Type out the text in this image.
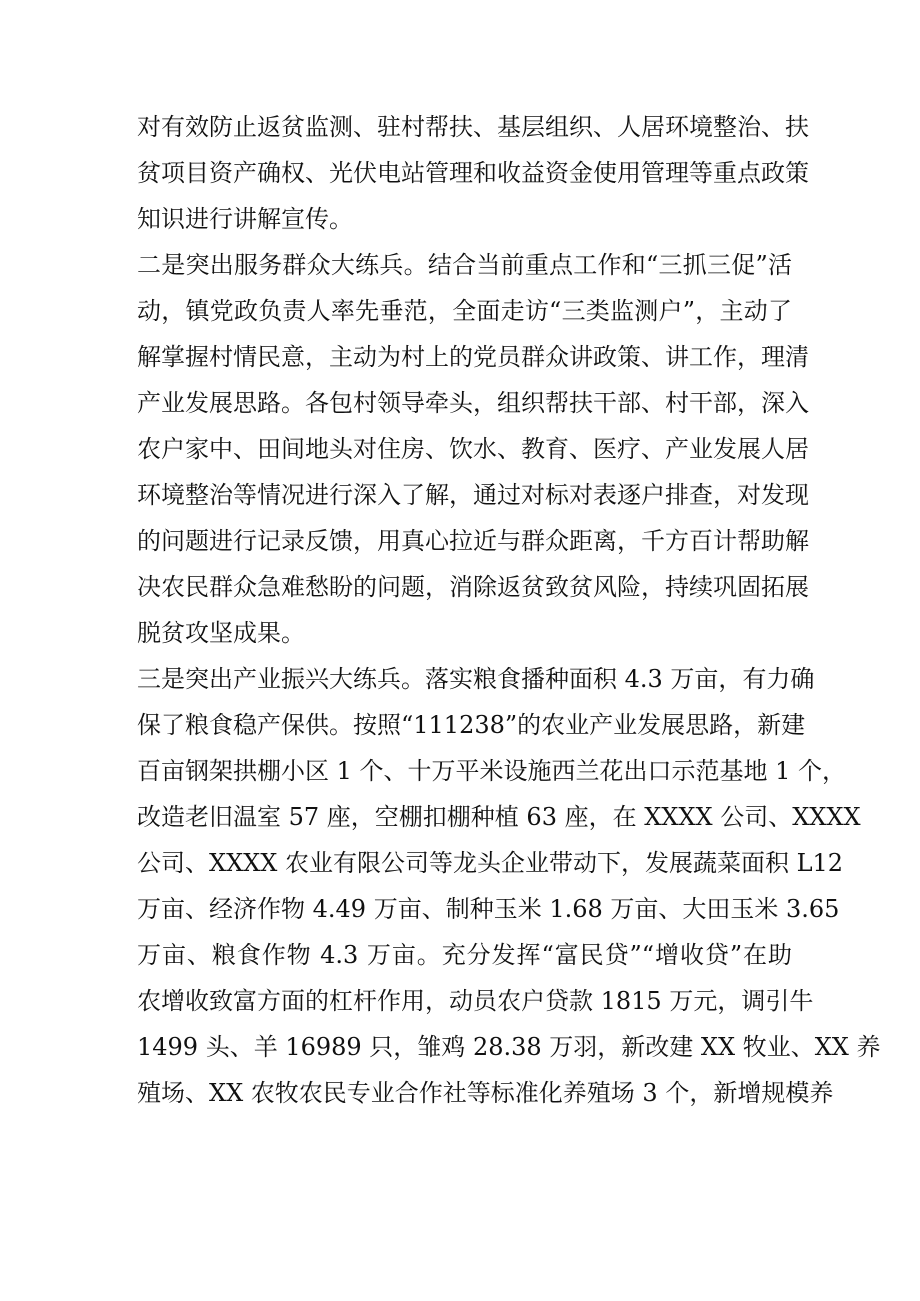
对有效防止返贫监测、驻村帮扶、基层组织、人居环境整治、扶
贫项目资产确权、光伏电站管理和收益资金使用管理等重点政策
知识进行讲解宣传。
二是突出服务群众大练兵。结合当前重点工作和“三抓三促”活
动，镇党政负责人率先垂范，全面走访“三类监测户”，主动了
解掌握村情民意，主动为村上的党员群众讲政策、讲工作，理清
产业发展思路。各包村领导牵头，组织帮扶干部、村干部，深入
农户家中、田间地头对住房、饮水、教育、医疗、产业发展人居
环境整治等情况进行深入了解，通过对标对表逐户排查，对发现
的问题进行记录反馈，用真心拉近与群众距离，千方百计帮助解
决农民群众急难愁盼的问题，消除返贫致贫风险，持续巩固拓展
脱贫攻坚成果。
三是突出产业振兴大练兵。落实粮食播种面积 4.3 万亩，有力确
保了粮食稳产保供。按照“111238”的农业产业发展思路，新建
百亩钢架拱棚小区 1 个、十万平米设施西兰花出口示范基地 1 个，
改造老旧温室 57 座，空棚扣棚种植 63 座，在 XXXX 公司、XXXX
公司、XXXX 农业有限公司等龙头企业带动下，发展蔬菜面积 L12
万亩、经济作物 4.49 万亩、制种玉米 1.68 万亩、大田玉米 3.65
万亩、粮食作物 4.3 万亩。充分发挥“富民贷”“增收贷”在助
农增收致富方面的杠杆作用，动员农户贷款 1815 万元，调引牛
1499 头、羊 16989 只，雏鸡 28.38 万羽，新改建 XX 牧业、XX 养
殖场、XX 农牧农民专业合作社等标准化养殖场 3 个，新增规模养
